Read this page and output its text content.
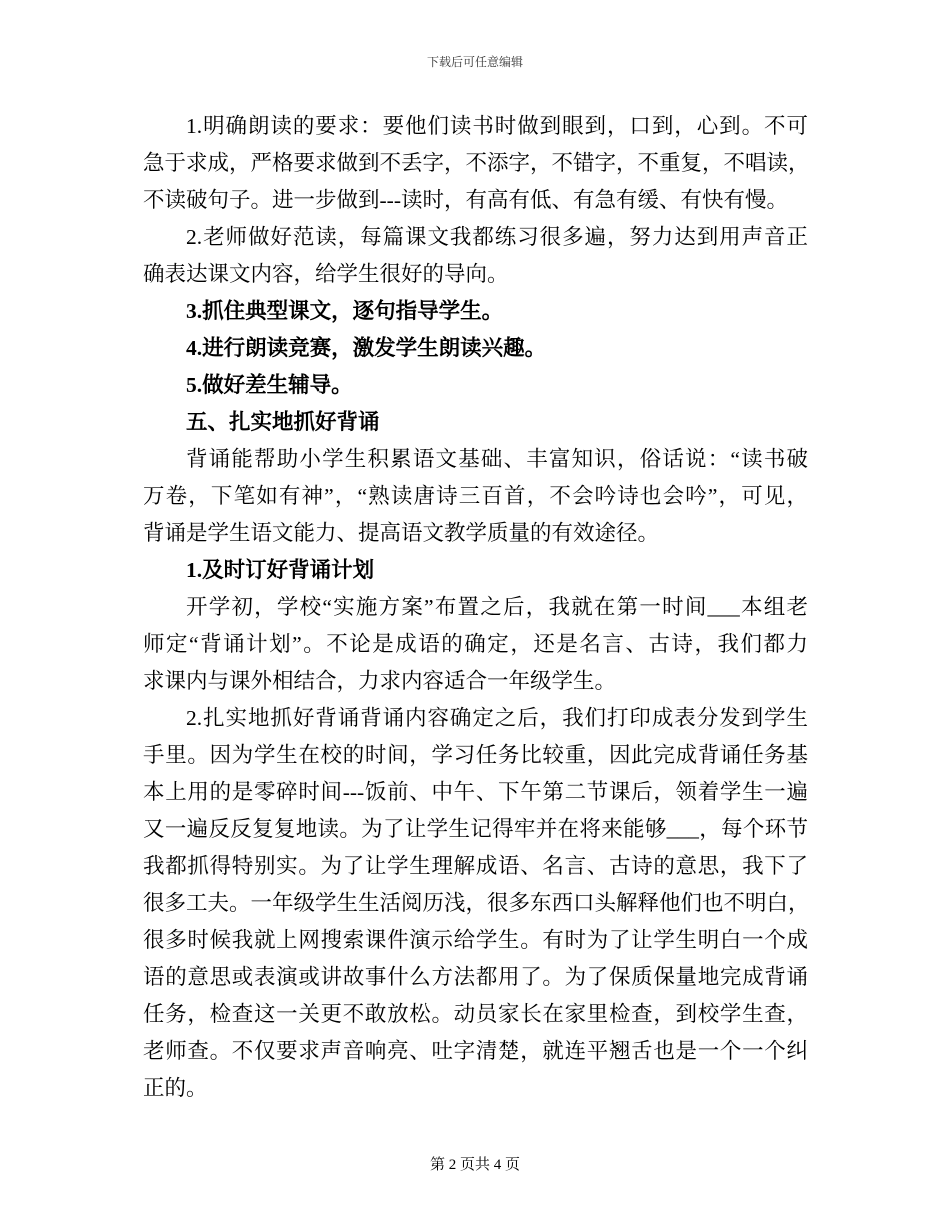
下载后可任意编辑
1.明确朗读的要求：要他们读书时做到眼到，口到，心到。不可
急于求成，严格要求做到不丢字，不添字，不错字，不重复，不唱读，
不读破句子。进一步做到---读时，有高有低、有急有缓、有快有慢。
2.老师做好范读，每篇课文我都练习很多遍，努力达到用声音正
确表达课文内容，给学生很好的导向。
3.抓住典型课文，逐句指导学生。
4.进行朗读竞赛，激发学生朗读兴趣。
5.做好差生辅导。
五、扎实地抓好背诵
背诵能帮助小学生积累语文基础、丰富知识，俗话说：“读书破
万卷，下笔如有神”，“熟读唐诗三百首，不会吟诗也会吟”，可见，
背诵是学生语文能力、提高语文教学质量的有效途径。
1.及时订好背诵计划
开学初，学校“实施方案”布置之后，我就在第一时间___本组老
师定“背诵计划”。不论是成语的确定，还是名言、古诗，我们都力
求课内与课外相结合，力求内容适合一年级学生。
2.扎实地抓好背诵背诵内容确定之后，我们打印成表分发到学生
手里。因为学生在校的时间，学习任务比较重，因此完成背诵任务基
本上用的是零碎时间---饭前、中午、下午第二节课后，领着学生一遍
又一遍反反复复地读。为了让学生记得牢并在将来能够___，每个环节
我都抓得特别实。为了让学生理解成语、名言、古诗的意思，我下了
很多工夫。一年级学生生活阅历浅，很多东西口头解释他们也不明白，
很多时候我就上网搜索课件演示给学生。有时为了让学生明白一个成
语的意思或表演或讲故事什么方法都用了。为了保质保量地完成背诵
任务，检查这一关更不敢放松。动员家长在家里检查，到校学生查，
老师查。不仅要求声音响亮、吐字清楚，就连平翘舌也是一个一个纠
正的。
第 2 页共 4 页
